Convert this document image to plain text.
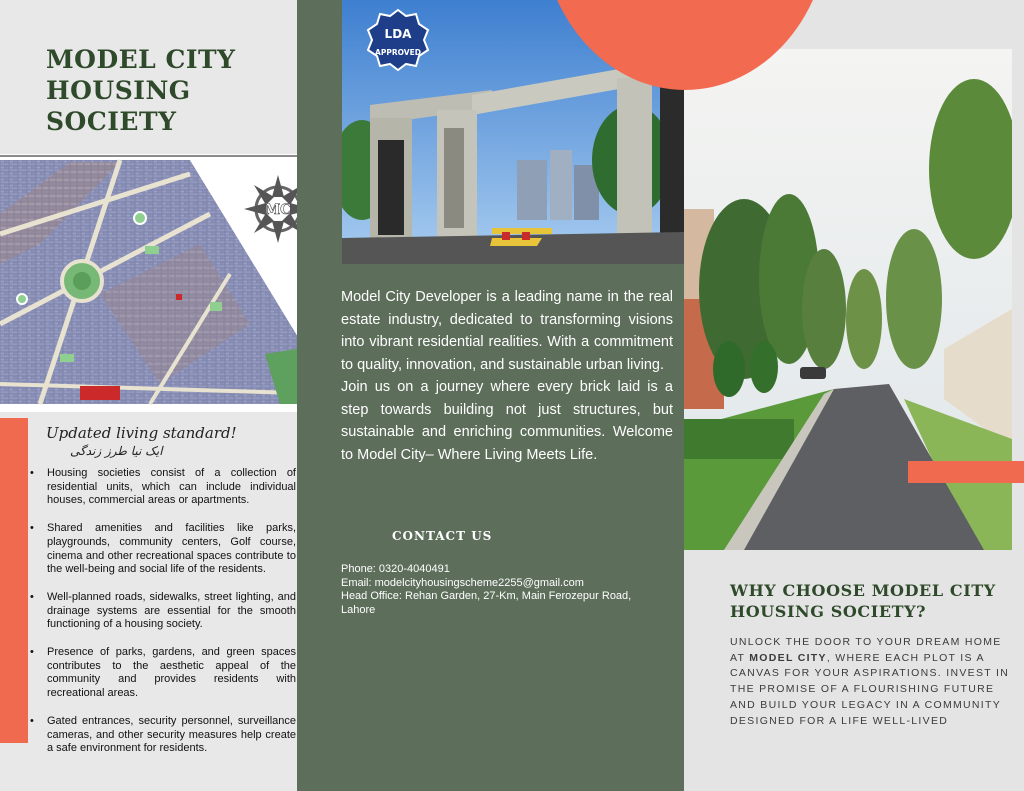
MODEL CITY HOUSING SOCIETY
MC
Updated living standard!
ایک نیا طرز زندگی
• Housing societies consist of a collection of residential units, which can include individual houses, commercial areas or apartments.
• Shared amenities and facilities like parks, playgrounds, community centers, Golf course, cinema and other recreational spaces contribute to the well-being and social life of the residents.
• Well-planned roads, sidewalks, street lighting, and drainage systems are essential for the smooth functioning of a housing society.
• Presence of parks, gardens, and green spaces contributes to the aesthetic appeal of the community and provides residents with recreational areas.
• Gated entrances, security personnel, surveillance cameras, and other security measures help create a safe environment for residents.
LDA
APPROVED

Model City Developer is a leading name in the real estate industry, dedicated to transforming visions into vibrant residential realities. With a commitment to quality, innovation, and sustainable urban living.

Join us on a journey where every brick laid is a step towards building not just structures, but sustainable and enriching communities. Welcome to Model City– Where Living Meets Life.

CONTACT US
Phone: 0320-4040491
Email: modelcityhousingscheme2255@gmail.com
Head Office: Rehan Garden, 27-Km, Main Ferozepur Road, Lahore
WHY CHOOSE MODEL CITY HOUSING SOCIETY?

UNLOCK THE DOOR TO YOUR DREAM HOME AT MODEL CITY, WHERE EACH PLOT IS A CANVAS FOR YOUR ASPIRATIONS. INVEST IN THE PROMISE OF A FLOURISHING FUTURE AND BUILD YOUR LEGACY IN A COMMUNITY DESIGNED FOR A LIFE WELL-LIVED
